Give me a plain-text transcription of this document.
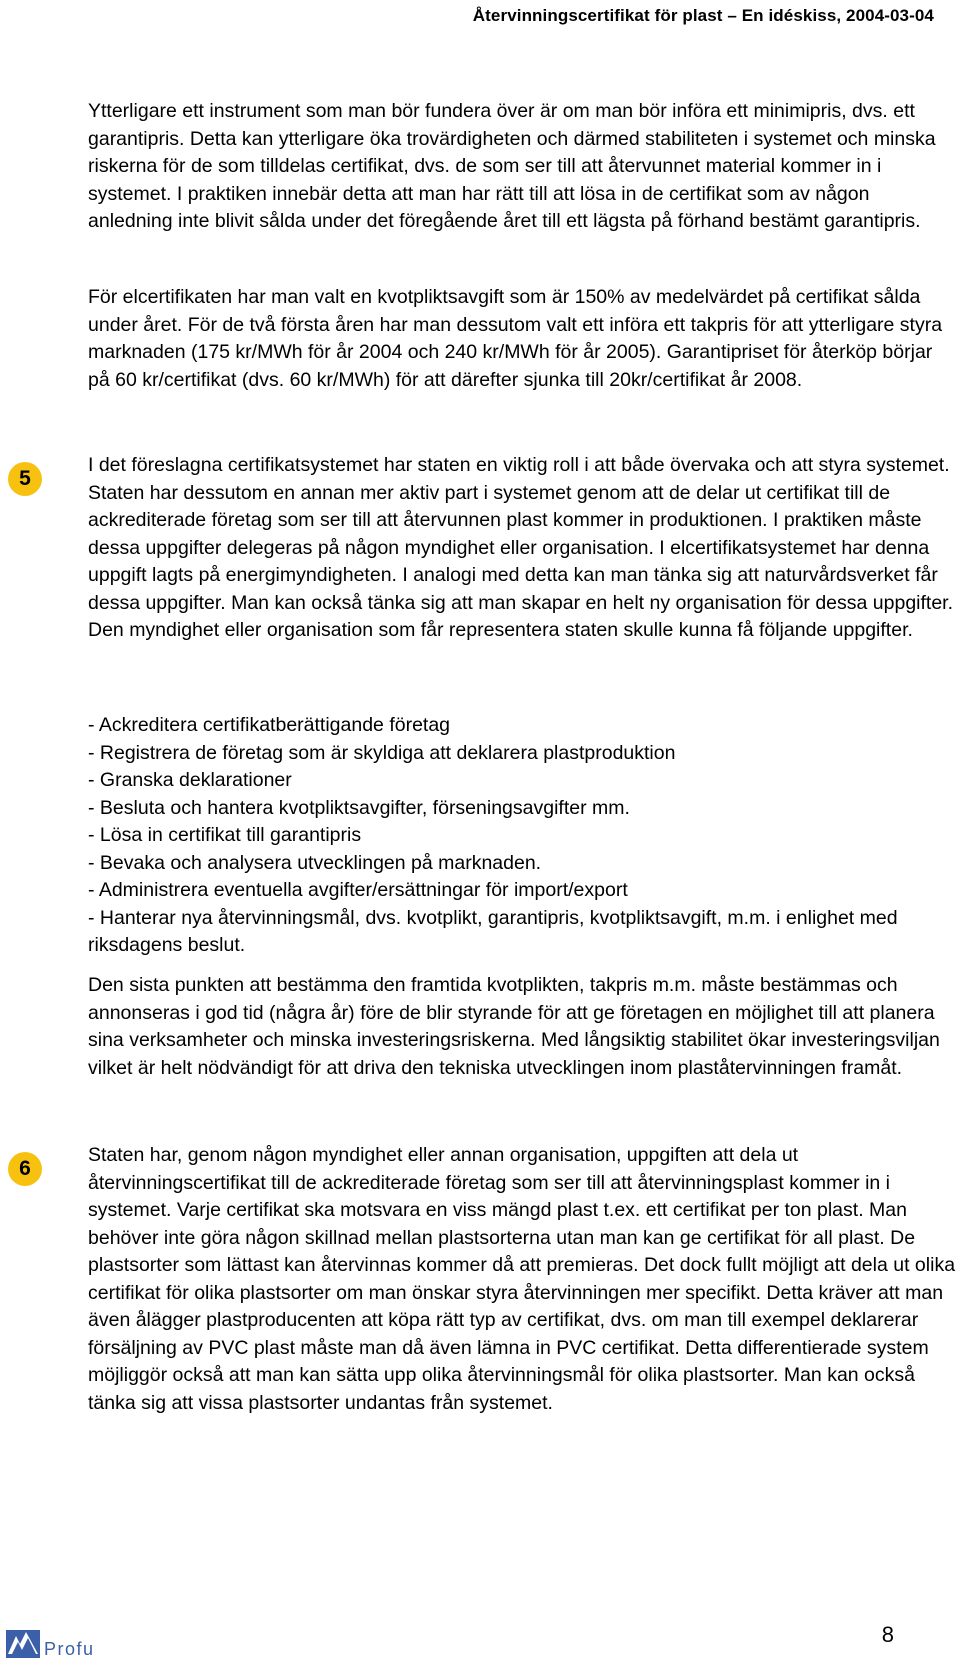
Återvinningscertifikat för plast – En idéskiss, 2004-03-04

Ytterligare ett instrument som man bör fundera över är om man bör införa ett minimipris, dvs. ett garantipris. Detta kan ytterligare öka trovärdigheten och därmed stabiliteten i systemet och minska riskerna för de som tilldelas certifikat, dvs. de som ser till att återvunnet material kommer in i systemet. I praktiken innebär detta att man har rätt till att lösa in de certifikat som av någon anledning inte blivit sålda under det föregående året till ett lägsta på förhand bestämt garantipris.

För elcertifikaten har man valt en kvotpliktsavgift som är 150% av medelvärdet på certifikat sålda under året. För de två första åren har man dessutom valt ett införa ett takpris för att ytterligare styra marknaden (175 kr/MWh för år 2004 och 240 kr/MWh för år 2005). Garantipriset för återköp börjar på 60 kr/certifikat (dvs. 60 kr/MWh) för att därefter sjunka till 20kr/certifikat år 2008.

5

I det föreslagna certifikatsystemet har staten en viktig roll i att både övervaka och att styra systemet. Staten har dessutom en annan mer aktiv part i systemet genom att de delar ut certifikat till de ackrediterade företag som ser till att återvunnen plast kommer in produktionen. I praktiken måste dessa uppgifter delegeras på någon myndighet eller organisation. I elcertifikatsystemet har denna uppgift lagts på energimyndigheten. I analogi med detta kan man tänka sig att naturvårdsverket får dessa uppgifter. Man kan också tänka sig att man skapar en helt ny organisation för dessa uppgifter. Den myndighet eller organisation som får representera staten skulle kunna få följande uppgifter.

- Ackreditera certifikatberättigande företag
- Registrera de företag som är skyldiga att deklarera plastproduktion
- Granska deklarationer
- Besluta och hantera kvotpliktsavgifter, förseningsavgifter mm.
- Lösa in certifikat till garantipris
- Bevaka och analysera utvecklingen på marknaden.
- Administrera eventuella avgifter/ersättningar för import/export
- Hanterar nya återvinningsmål, dvs. kvotplikt, garantipris, kvotpliktsavgift, m.m. i enlighet med riksdagens beslut.

Den sista punkten att bestämma den framtida kvotplikten, takpris m.m. måste bestämmas och annonseras i god tid (några år) före de blir styrande för att ge företagen en möjlighet till att planera sina verksamheter och minska investeringsriskerna. Med långsiktig stabilitet ökar investeringsviljan vilket är helt nödvändigt för att driva den tekniska utvecklingen inom plaståtervinningen framåt.

6

Staten har, genom någon myndighet eller annan organisation, uppgiften att dela ut återvinningscertifikat till de ackrediterade företag som ser till att återvinningsplast kommer in i systemet. Varje certifikat ska motsvara en viss mängd plast t.ex. ett certifikat per ton plast. Man behöver inte göra någon skillnad mellan plastsorterna utan man kan ge certifikat för all plast. De plastsorter som lättast kan återvinnas kommer då att premieras. Det dock fullt möjligt att dela ut olika certifikat för olika plastsorter om man önskar styra återvinningen mer specifikt. Detta kräver att man även ålägger plastproducenten att köpa rätt typ av certifikat, dvs. om man till exempel deklarerar försäljning av PVC plast måste man då även lämna in PVC certifikat. Detta differentierade system möjliggör också att man kan sätta upp olika återvinningsmål för olika plastsorter. Man kan också tänka sig att vissa plastsorter undantas från systemet.

Profu
8
